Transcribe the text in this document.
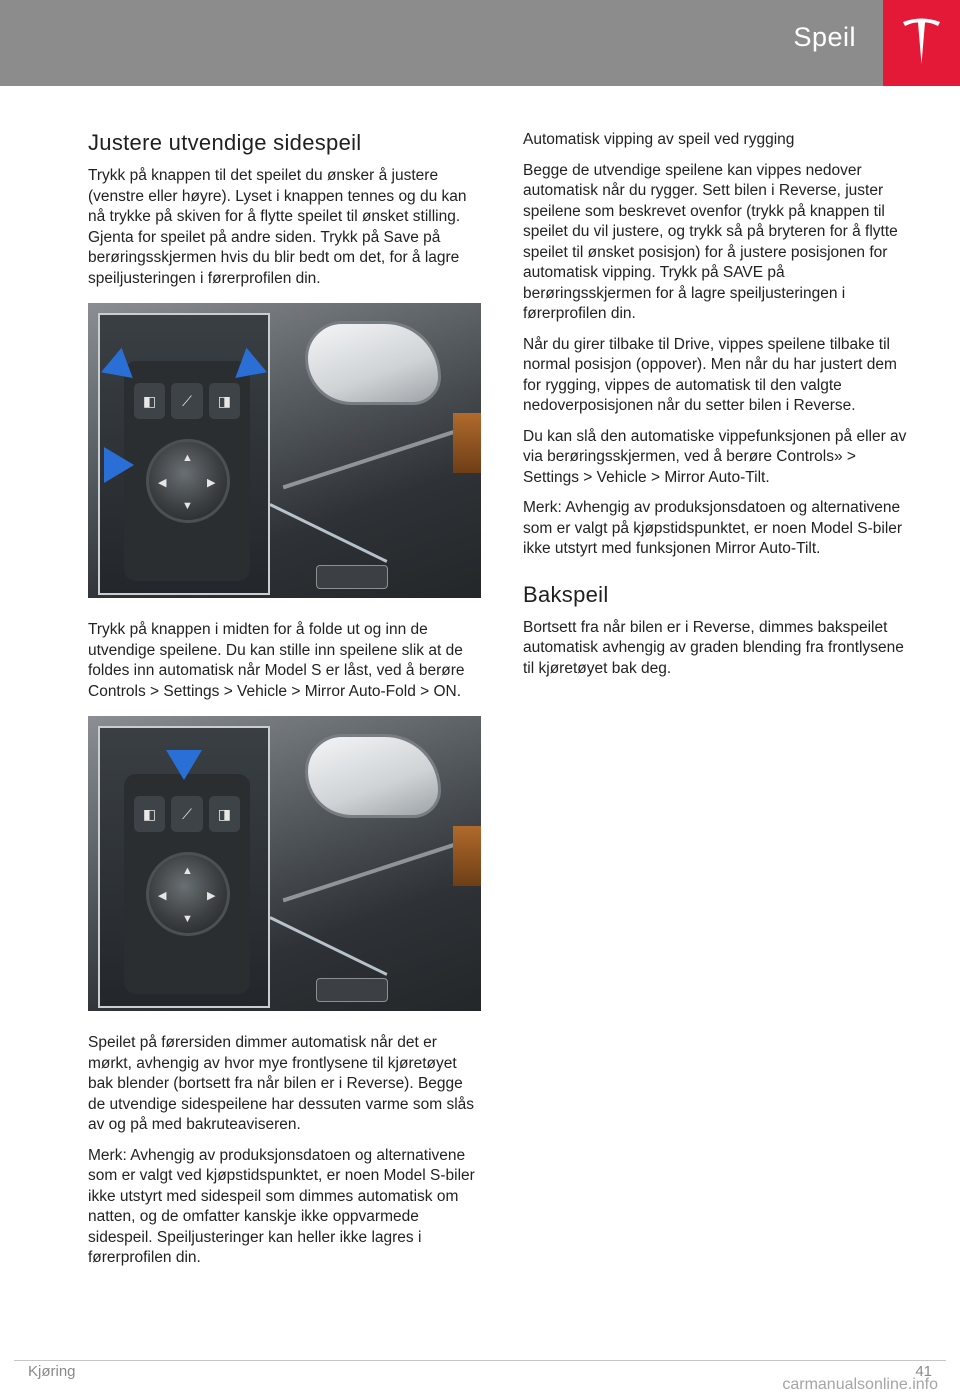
Speil
Justere utvendige sidespeil

Trykk på knappen til det speilet du ønsker å justere (venstre eller høyre). Lyset i knappen tennes og du kan nå trykke på skiven for å flytte speilet til ønsket stilling. Gjenta for speilet på andre siden. Trykk på Save på berøringsskjermen hvis du blir bedt om det, for å lagre speiljusteringen i førerprofilen din.

◧	⟋	◨
▲
▼
◀	▶

Trykk på knappen i midten for å folde ut og inn de utvendige speilene. Du kan stille inn speilene slik at de foldes inn automatisk når Model S er låst, ved å berøre Controls > Settings > Vehicle > Mirror Auto-Fold > ON.

◧	⟋	◨
▲
▼
◀	▶

Speilet på førersiden dimmer automatisk når det er mørkt, avhengig av hvor mye frontlysene til kjøretøyet bak blender (bortsett fra når bilen er i Reverse). Begge de utvendige sidespeilene har dessuten varme som slås av og på med bakruteaviseren.

Merk: Avhengig av produksjonsdatoen og alternativene som er valgt ved kjøpstidspunktet, er noen Model S-biler ikke utstyrt med sidespeil som dimmes automatisk om natten, og de omfatter kanskje ikke oppvarmede sidespeil. Speiljusteringer kan heller ikke lagres i førerprofilen din.

Automatisk vipping av speil ved rygging

Begge de utvendige speilene kan vippes nedover automatisk når du rygger. Sett bilen i Reverse, juster speilene som beskrevet ovenfor (trykk på knappen til speilet du vil justere, og trykk så på bryteren for å flytte speilet til ønsket posisjon) for å justere posisjonen for automatisk vipping. Trykk på SAVE på berøringsskjermen for å lagre speiljusteringen i førerprofilen din.

Når du girer tilbake til Drive, vippes speilene tilbake til normal posisjon (oppover). Men når du har justert dem for rygging, vippes de automatisk til den valgte nedoverposisjonen når du setter bilen i Reverse.

Du kan slå den automatiske vippefunksjonen på eller av via berøringsskjermen, ved å berøre Controls» > Settings > Vehicle > Mirror Auto-Tilt.

Merk: Avhengig av produksjonsdatoen og alternativene som er valgt på kjøpstidspunktet, er noen Model S-biler ikke utstyrt med funksjonen Mirror Auto-Tilt.

Bakspeil

Bortsett fra når bilen er i Reverse, dimmes bakspeilet automatisk avhengig av graden blending fra frontlysene til kjøretøyet bak deg.

Kjøring	41
carmanualsonline.info
